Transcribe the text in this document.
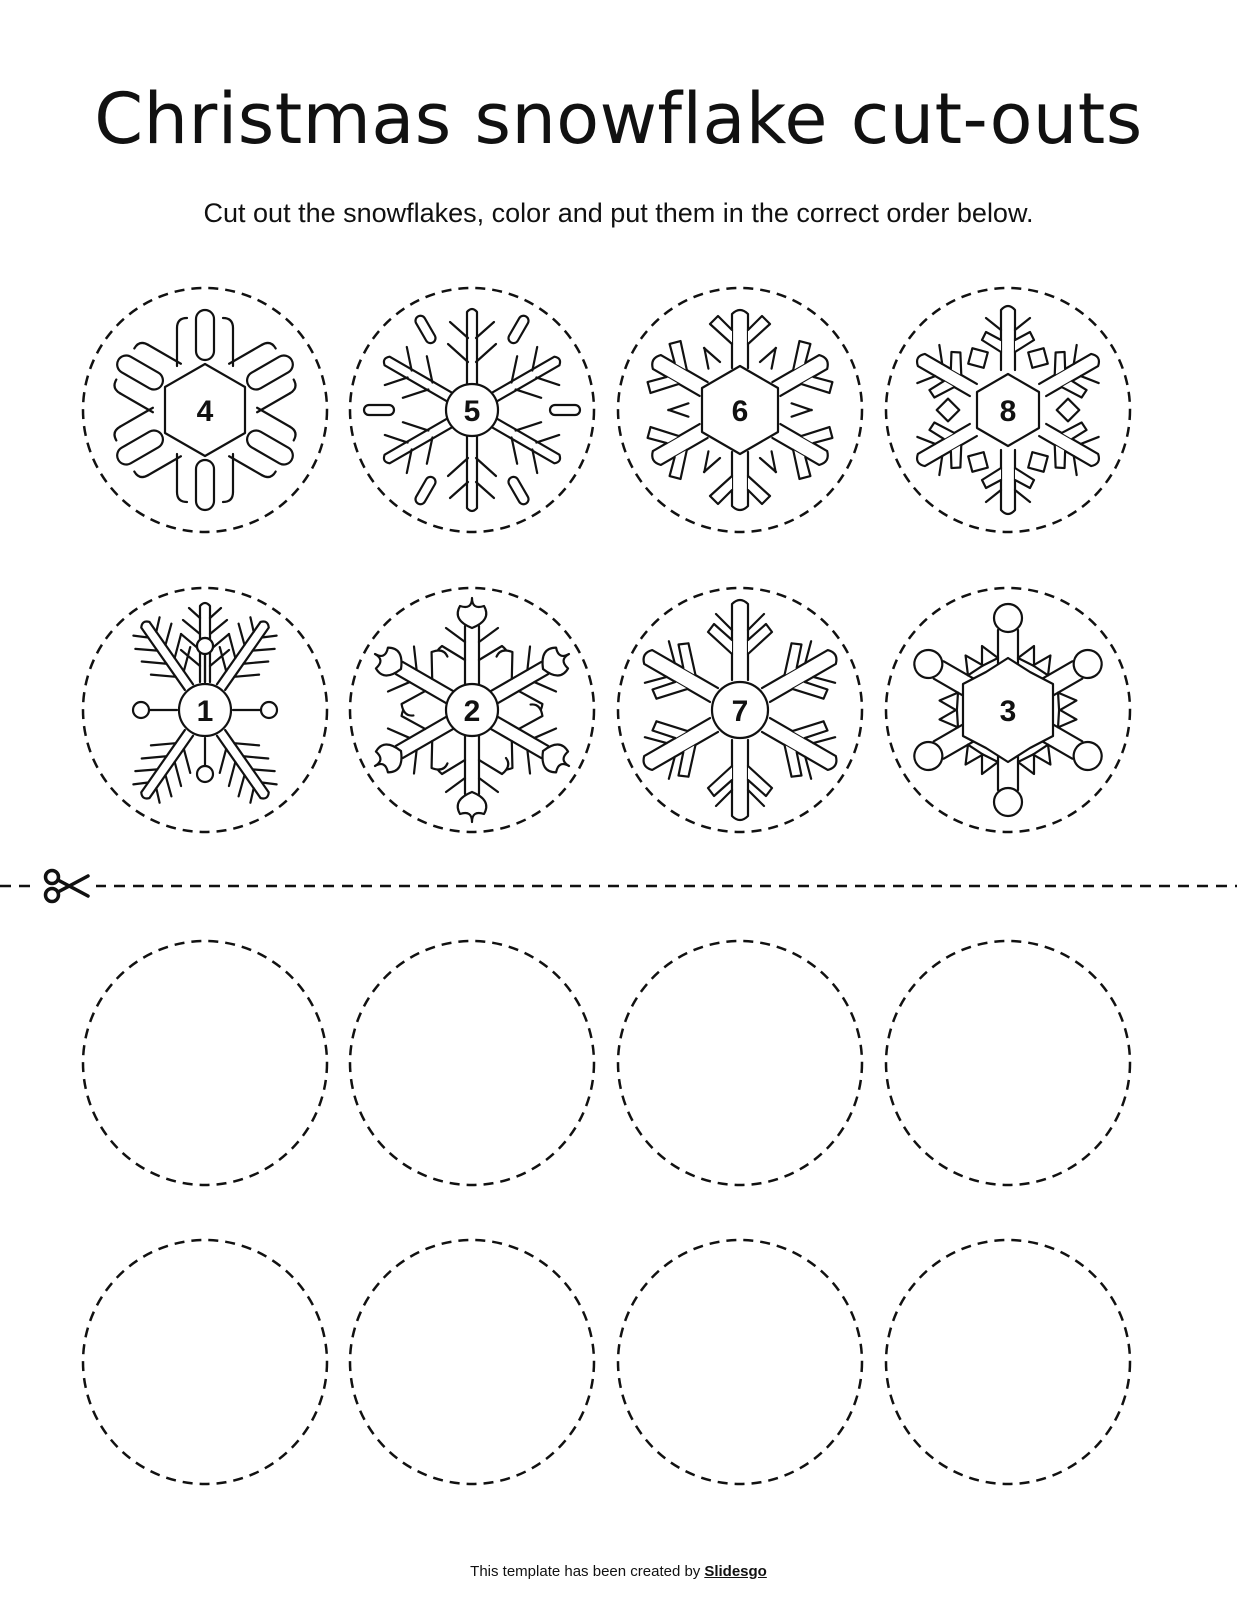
Christmas snowflake cut-outs
Cut out the snowflakes, color and put them in the correct order below.
4	5	6	8
1	2	7	3
This template has been created by Slidesgo
